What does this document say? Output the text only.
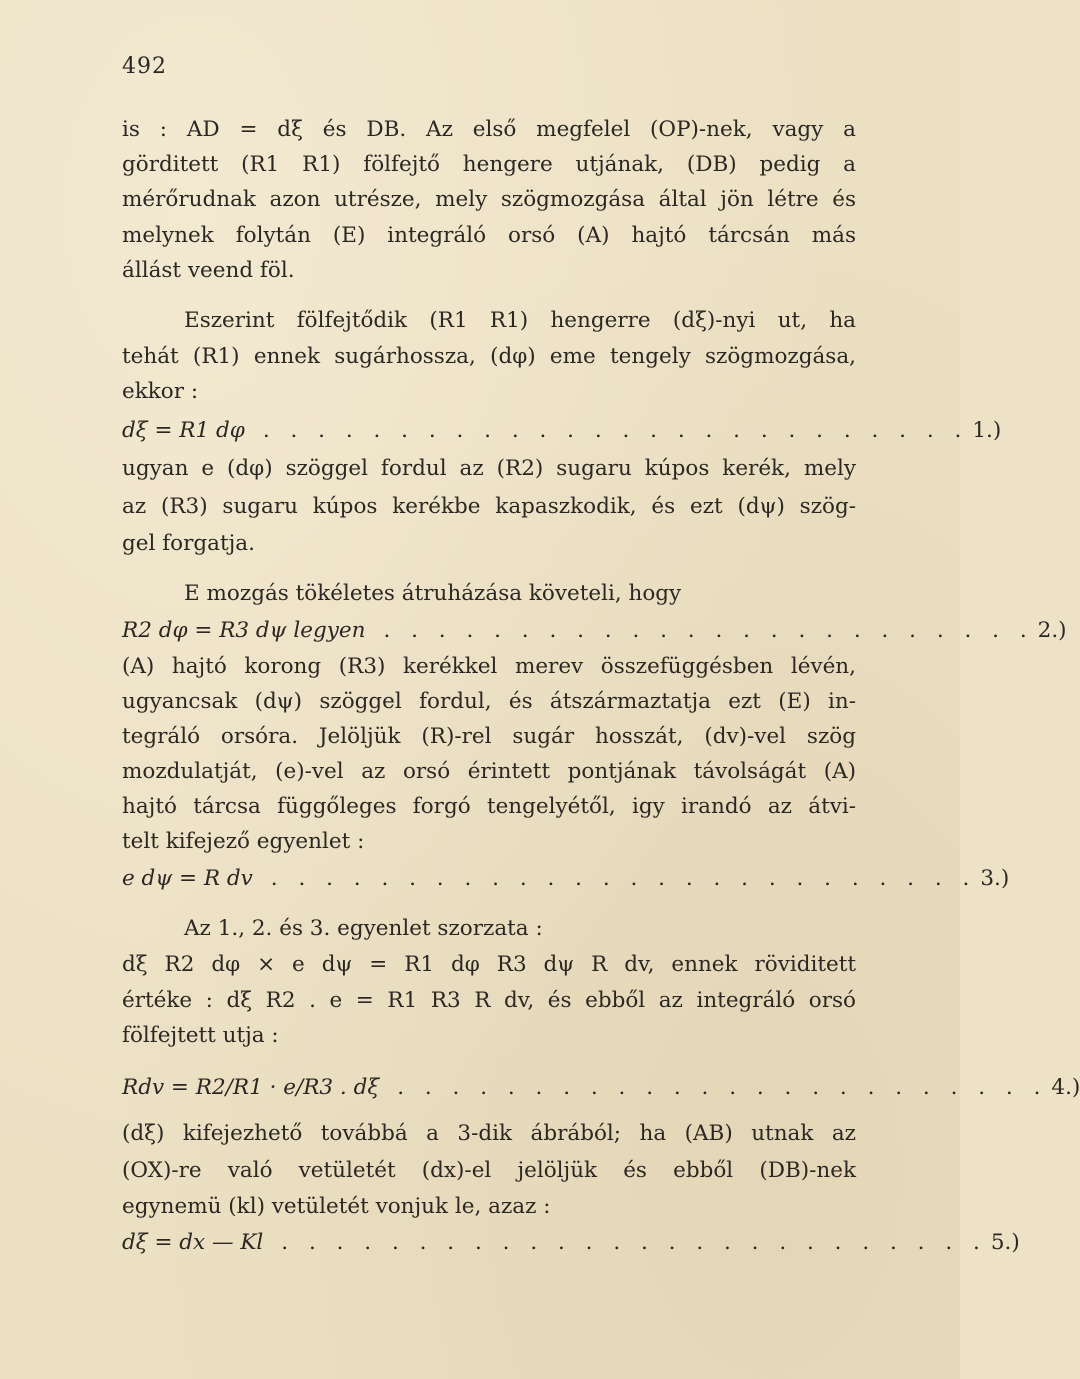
492
is : AD = dξ és DB. Az első megfelel (OP)-nek, vagy a
görditett (R1 R1) fölfejtő hengere utjának, (DB) pedig a
mérőrudnak azon utrésze, mely szögmozgása által jön létre és
melynek folytán (E) integráló orsó (A) hajtó tárcsán más
állást veend föl.
Eszerint fölfejtődik (R1 R1) hengerre (dξ)-nyi ut, ha
tehát (R1) ennek sugárhossza, (dφ) eme tengely szögmozgása,
ekkor :
dξ = R1 dφ . . . . . . . . . . . . . . . . . . . . . . . . . . 1.)
ugyan e (dφ) szöggel fordul az (R2) sugaru kúpos kerék, mely
az (R3) sugaru kúpos kerékbe kapaszkodik, és ezt (dψ) szög-
gel forgatja.
E mozgás tökéletes átruházása követeli, hogy
R2 dφ = R3 dψ legyen . . . . . . . . . . . . . . . . . . . . . . . . 2.)
(A) hajtó korong (R3) kerékkel merev összefüggésben lévén,
ugyancsak (dψ) szöggel fordul, és átszármaztatja ezt (E) in-
tegráló orsóra. Jelöljük (R)-rel sugár hosszát, (dv)-vel szög
mozdulatját, (e)-vel az orsó érintett pontjának távolságát (A)
hajtó tárcsa függőleges forgó tengelyétől, igy irandó az átvi-
telt kifejező egyenlet :
e dψ = R dv . . . . . . . . . . . . . . . . . . . . . . . . . . 3.)
Az 1., 2. és 3. egyenlet szorzata :
dξ R2 dφ × e dψ = R1 dφ R3 dψ R dv, ennek röviditett
értéke : dξ R2 . e = R1 R3 R dv, és ebből az integráló orsó
fölfejtett utja :
Rdv = R2/R1 · e/R3 . dξ . . . . . . . . . . . . . . . . . . . . . . . . 4.)
(dξ) kifejezhető továbbá a 3-dik ábrából; ha (AB) utnak az
(OX)-re való vetületét (dx)-el jelöljük és ebből (DB)-nek
egynemü (kl) vetületét vonjuk le, azaz :
dξ = dx — Kl . . . . . . . . . . . . . . . . . . . . . . . . . . 5.)
